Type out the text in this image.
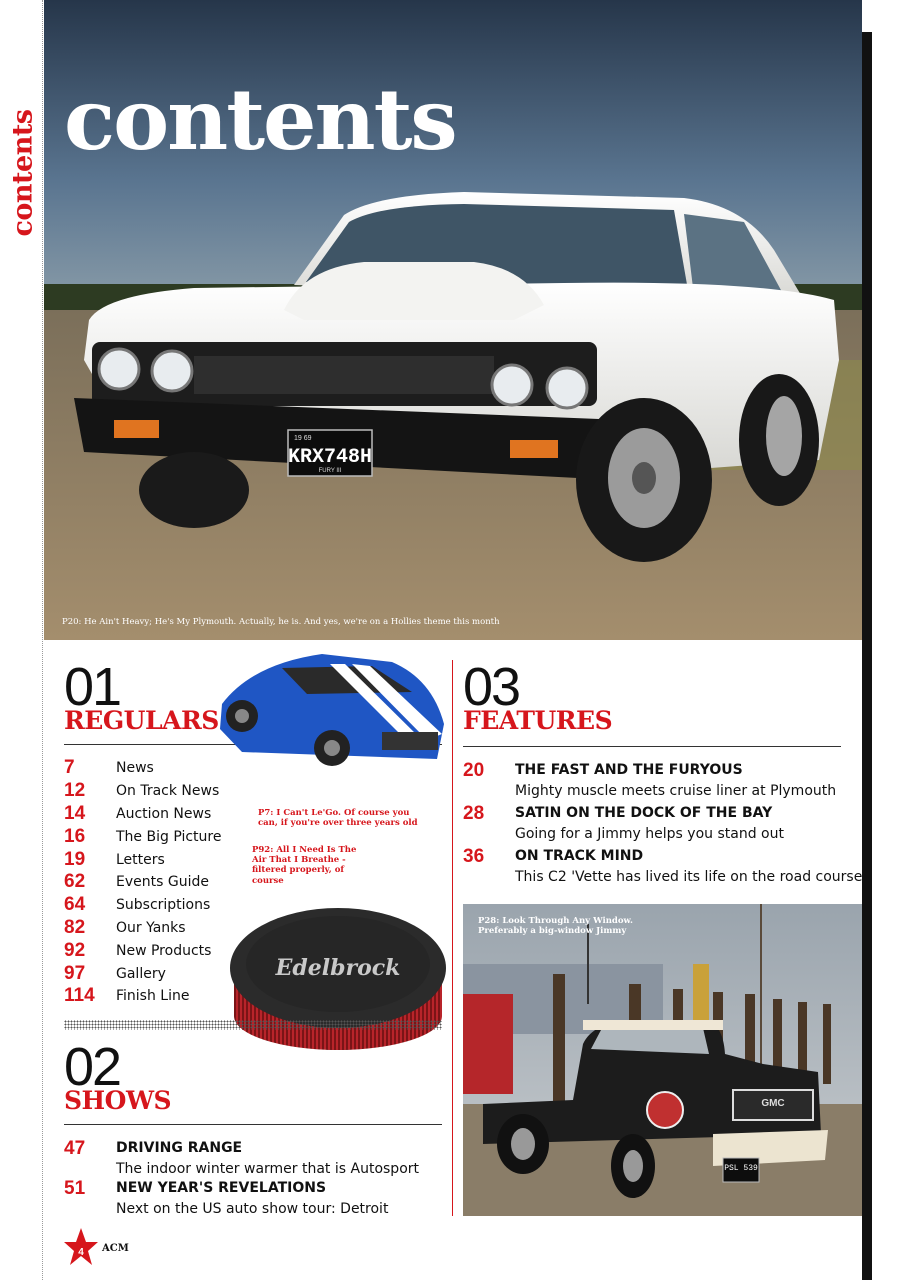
contents
19 69
KRX748H
FURY III
contents
P20: He Ain't Heavy; He's My Plymouth. Actually, he is. And yes, we're on a Hollies theme this month
01
REGULARS
7	News
12	On Track News
14	Auction News
16	The Big Picture
19	Letters
62	Events Guide
64	Subscriptions
82	Our Yanks
92	New Products
97	Gallery
114	Finish Line
P7: I Can't Le'Go. Of course you can, if you're over three years old
P92: All I Need Is The Air That I Breathe - filtered properly, of course
Edelbrock
02
SHOWS
47 DRIVING RANGE
The indoor winter warmer that is Autosport
51 NEW YEAR'S REVELATIONS
Next on the US auto show tour: Detroit
03
FEATURES
20 THE FAST AND THE FURYOUS
Mighty muscle meets cruise liner at Plymouth
28 SATIN ON THE DOCK OF THE BAY
Going for a Jimmy helps you stand out
36 ON TRACK MIND
This C2 'Vette has lived its life on the road course
PSL 539
GMC
P28: Look Through Any Window. Preferably a big-window Jimmy
4 ACM
